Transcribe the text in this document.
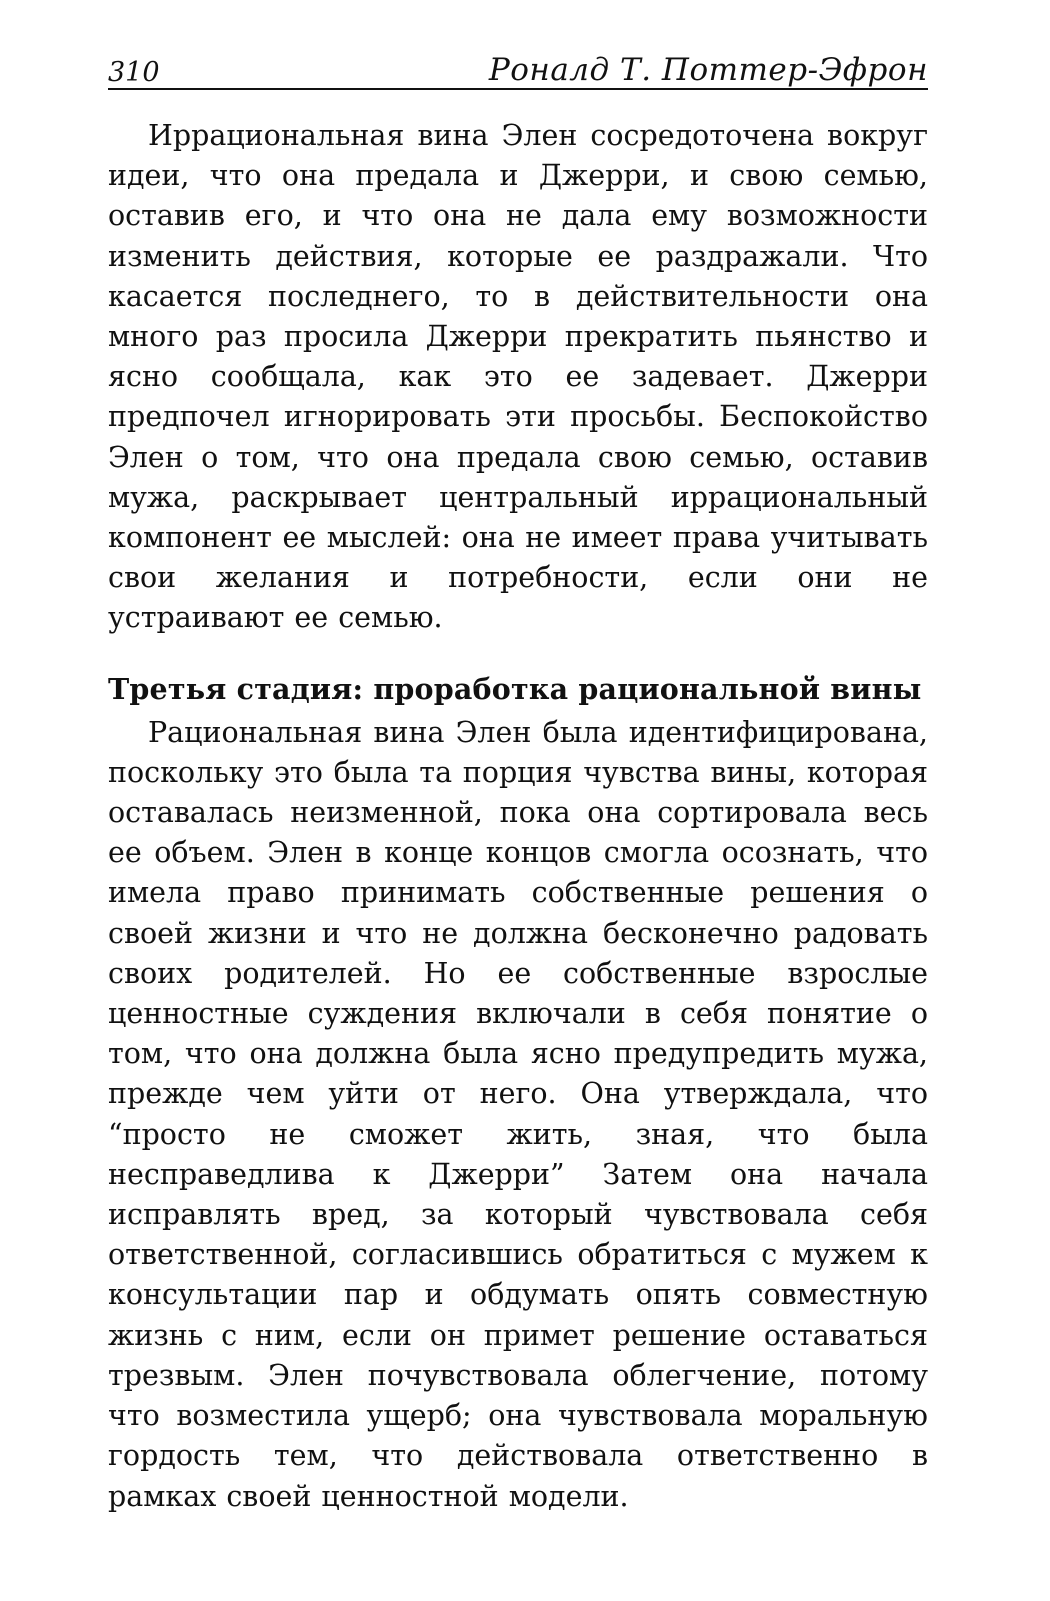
310	Роналд Т. Поттер-Эфрон

Иррациональная вина Элен сосредоточена вокруг идеи, что она предала и Джерри, и свою семью, оставив его, и что она не дала ему возможности изменить действия, которые ее раздражали. Что касается последнего, то в действительности она много раз просила Джерри прекратить пьянство и ясно сообщала, как это ее задевает. Джерри предпочел игнорировать эти просьбы. Беспокойство Элен о том, что она предала свою семью, оставив мужа, раскрывает центральный иррациональный компонент ее мыслей: она не имеет права учитывать свои желания и потребности, если они не устраивают ее семью.

Третья стадия: проработка рациональной вины

Рациональная вина Элен была идентифицирована, поскольку это была та порция чувства вины, которая оставалась неизменной, пока она сортировала весь ее объем. Элен в конце концов смогла осознать, что имела право принимать собственные решения о своей жизни и что не должна бесконечно радовать своих родителей. Но ее собственные взрослые ценностные суждения включали в себя понятие о том, что она должна была ясно предупредить мужа, прежде чем уйти от него. Она утверждала, что “просто не сможет жить, зная, что была несправедлива к Джерри” Затем она начала исправлять вред, за который чувствовала себя ответственной, согласившись обратиться с мужем к консультации пар и обдумать опять совместную жизнь с ним, если он примет решение оставаться трезвым. Элен почувствовала облегчение, потому что возместила ущерб; она чувствовала моральную гордость тем, что действовала ответственно в рамках своей ценностной модели.
